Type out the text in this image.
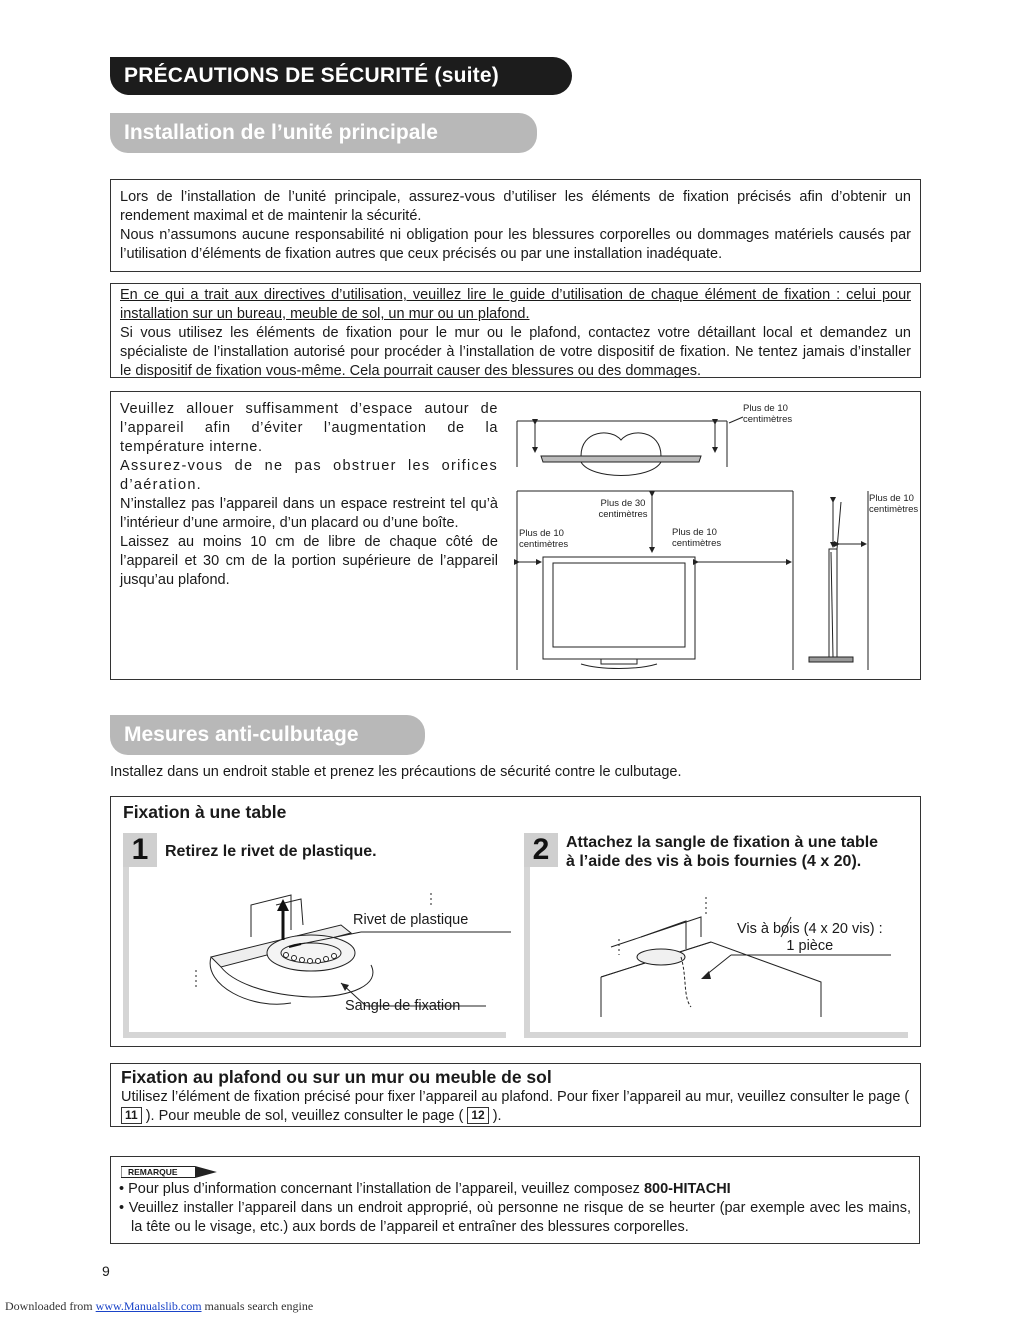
PRÉCAUTIONS DE SÉCURITÉ (suite)
Installation de l’unité principale

Lors de l’installation de l’unité principale, assurez-vous d’utiliser les éléments de fixation précisés afin d’obtenir un rendement maximal et de maintenir la sécurité.

Nous n’assumons aucune responsabilité ni obligation pour les blessures corporelles ou dommages matériels causés par l’utilisation d’éléments de fixation autres que ceux précisés ou par une installation inadéquate.

En ce qui a trait aux directives d’utilisation, veuillez lire le guide d’utilisation de chaque élément de fixation : celui pour installation sur un bureau, meuble de sol, un mur ou un plafond.

Si vous utilisez les éléments de fixation pour le mur ou le plafond, contactez votre détaillant local et demandez un spécialiste de l’installation autorisé pour procéder à l’installation de votre dispositif de fixation. Ne tentez jamais d’installer le dispositif de fixation vous-même. Cela pourrait causer des blessures ou des dommages.

Veuillez allouer suffisamment d’espace autour de l’appareil afin d’éviter l’augmentation de la température interne.

Assurez-vous de ne pas obstruer les orifices d’aération.

N’installez pas l’appareil dans un espace restreint tel qu’à l’intérieur d’une armoire, d’un placard ou d’une boîte.

Laissez au moins 10 cm de libre de chaque côté de l’appareil et 30 cm de la portion supérieure de l’appareil jusqu’au plafond.

Plus de 10
centimètres
Plus de 30
centimètres
Plus de 10
centimètres
Plus de 10
centimètres
Plus de 10
centimètres
Mesures anti-culbutage
Installez dans un endroit stable et prenez les précautions de sécurité contre le culbutage.
Fixation à une table
1	Retirez le rivet de plastique.
Rivet de plastique
Sangle de fixation
2	Attachez la sangle de fixation à une table
à l’aide des vis à bois fournies (4 x 20).
Vis à bois (4 x 20 vis) :
1 pièce
Fixation au plafond ou sur un mur ou meuble de sol
Utilisez l’élément de fixation précisé pour fixer l’appareil au plafond. Pour fixer l’appareil au mur, veuillez consulter le page ( 11 ). Pour meuble de sol, veuillez consulter le page ( 12 ).
REMARQUE
• Pour plus d’information concernant l’installation de l’appareil, veuillez composez 800-HITACHI
• Veuillez installer l’appareil dans un endroit approprié, où personne ne risque de se heurter (par exemple avec les mains, la tête ou le visage, etc.) aux bords de l’appareil et entraîner des blessures corporelles.
9
Downloaded from www.Manualslib.com manuals search engine
